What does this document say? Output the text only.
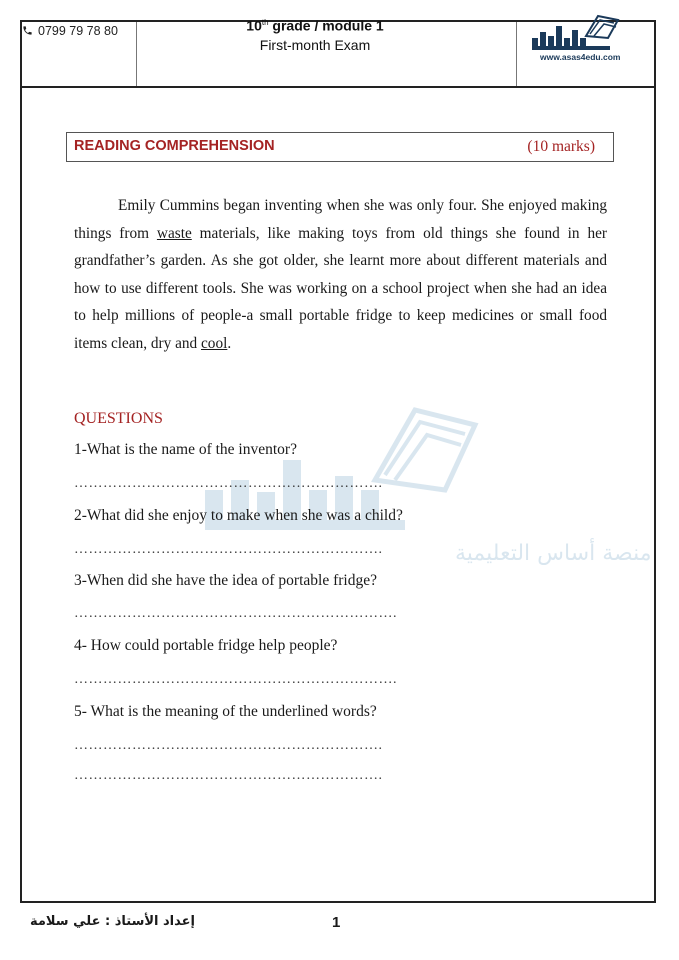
0799 79 78 80	10th grade / module 1
First-month Exam
www.asas4edu.com
READING COMPREHENSION	(10 marks)
Emily Cummins began inventing when she was only four. She enjoyed making things from waste materials, like making toys from old things she found in her grandfather’s garden. As she got older, she learnt more about different materials and how to use different tools. She was working on a school project when she had an idea to help millions of people-a small portable fridge to keep medicines or small food items clean, dry and cool.
منصة أساس التعليمية
QUESTIONS
1-What is the name of the inventor?
……………………………………………………….
2-What did she enjoy to make when she was a child?
……………………………………………………….
3-When did she have the idea of portable fridge?
………………………………………………………….
4- How could portable fridge help people?
………………………………………………………….
5- What is the meaning of the underlined words?
……………………………………………………….
……………………………………………………….
إعداد الأستاذ : علي سلامة	1
